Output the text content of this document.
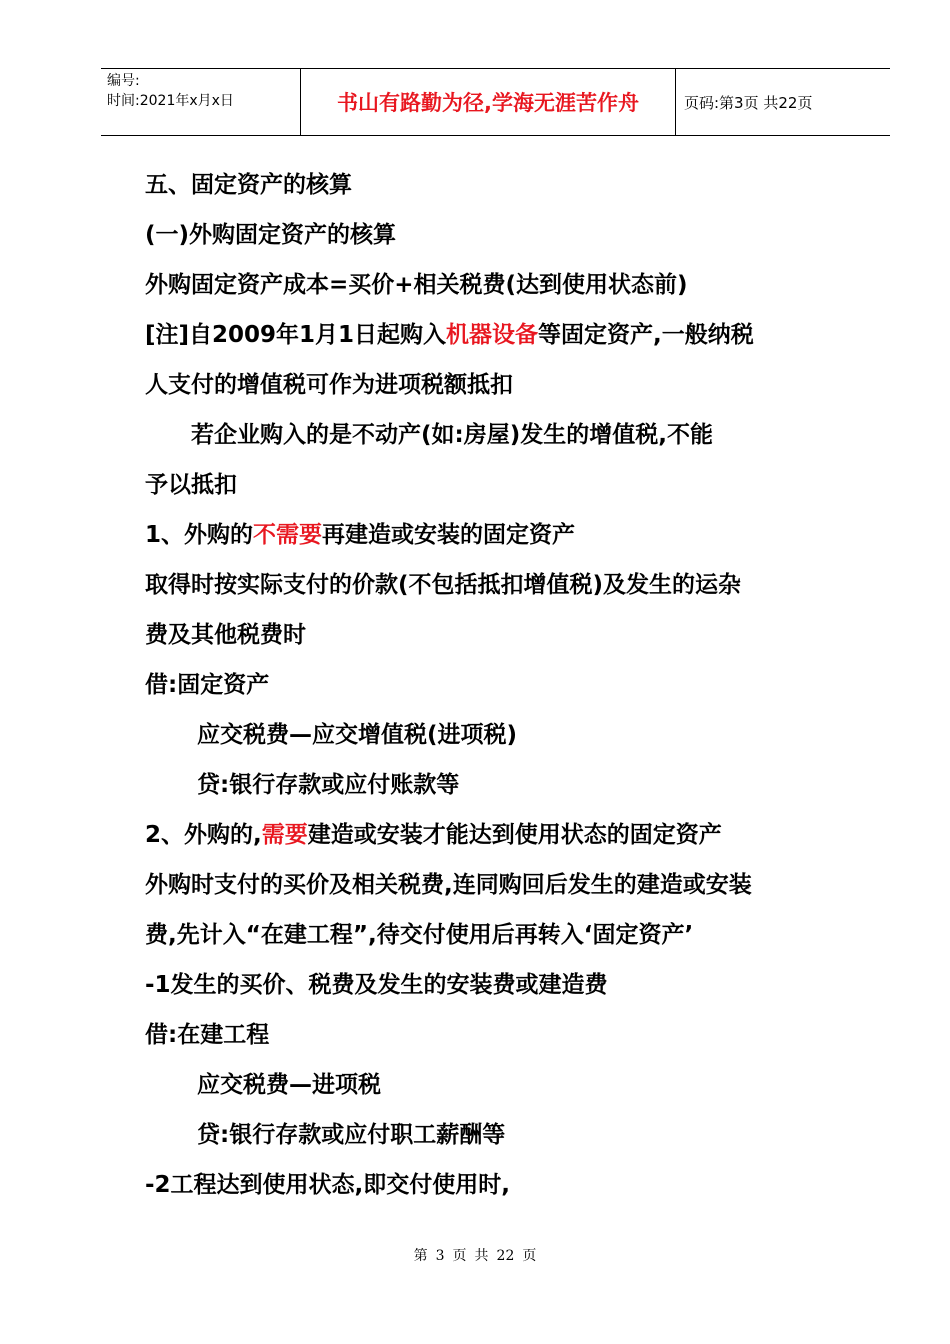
编号:
时间:2021年x月x日	书山有路勤为径,学海无涯苦作舟	页码:第3页 共22页
五、固定资产的核算
(一)外购固定资产的核算
外购固定资产成本=买价+相关税费(达到使用状态前)
[注]自2009年1月1日起购入机器设备等固定资产,一般纳税
人支付的增值税可作为进项税额抵扣
若企业购入的是不动产(如:房屋)发生的增值税,不能
予以抵扣
1、外购的不需要再建造或安装的固定资产
取得时按实际支付的价款(不包括抵扣增值税)及发生的运杂
费及其他税费时
借:固定资产
应交税费—应交增值税(进项税)
贷:银行存款或应付账款等
2、外购的,需要建造或安装才能达到使用状态的固定资产
外购时支付的买价及相关税费,连同购回后发生的建造或安装
费,先计入“在建工程”,待交付使用后再转入‘固定资产’
-1发生的买价、税费及发生的安装费或建造费
借:在建工程
应交税费—进项税
贷:银行存款或应付职工薪酬等
-2工程达到使用状态,即交付使用时,
第 3 页 共 22 页
